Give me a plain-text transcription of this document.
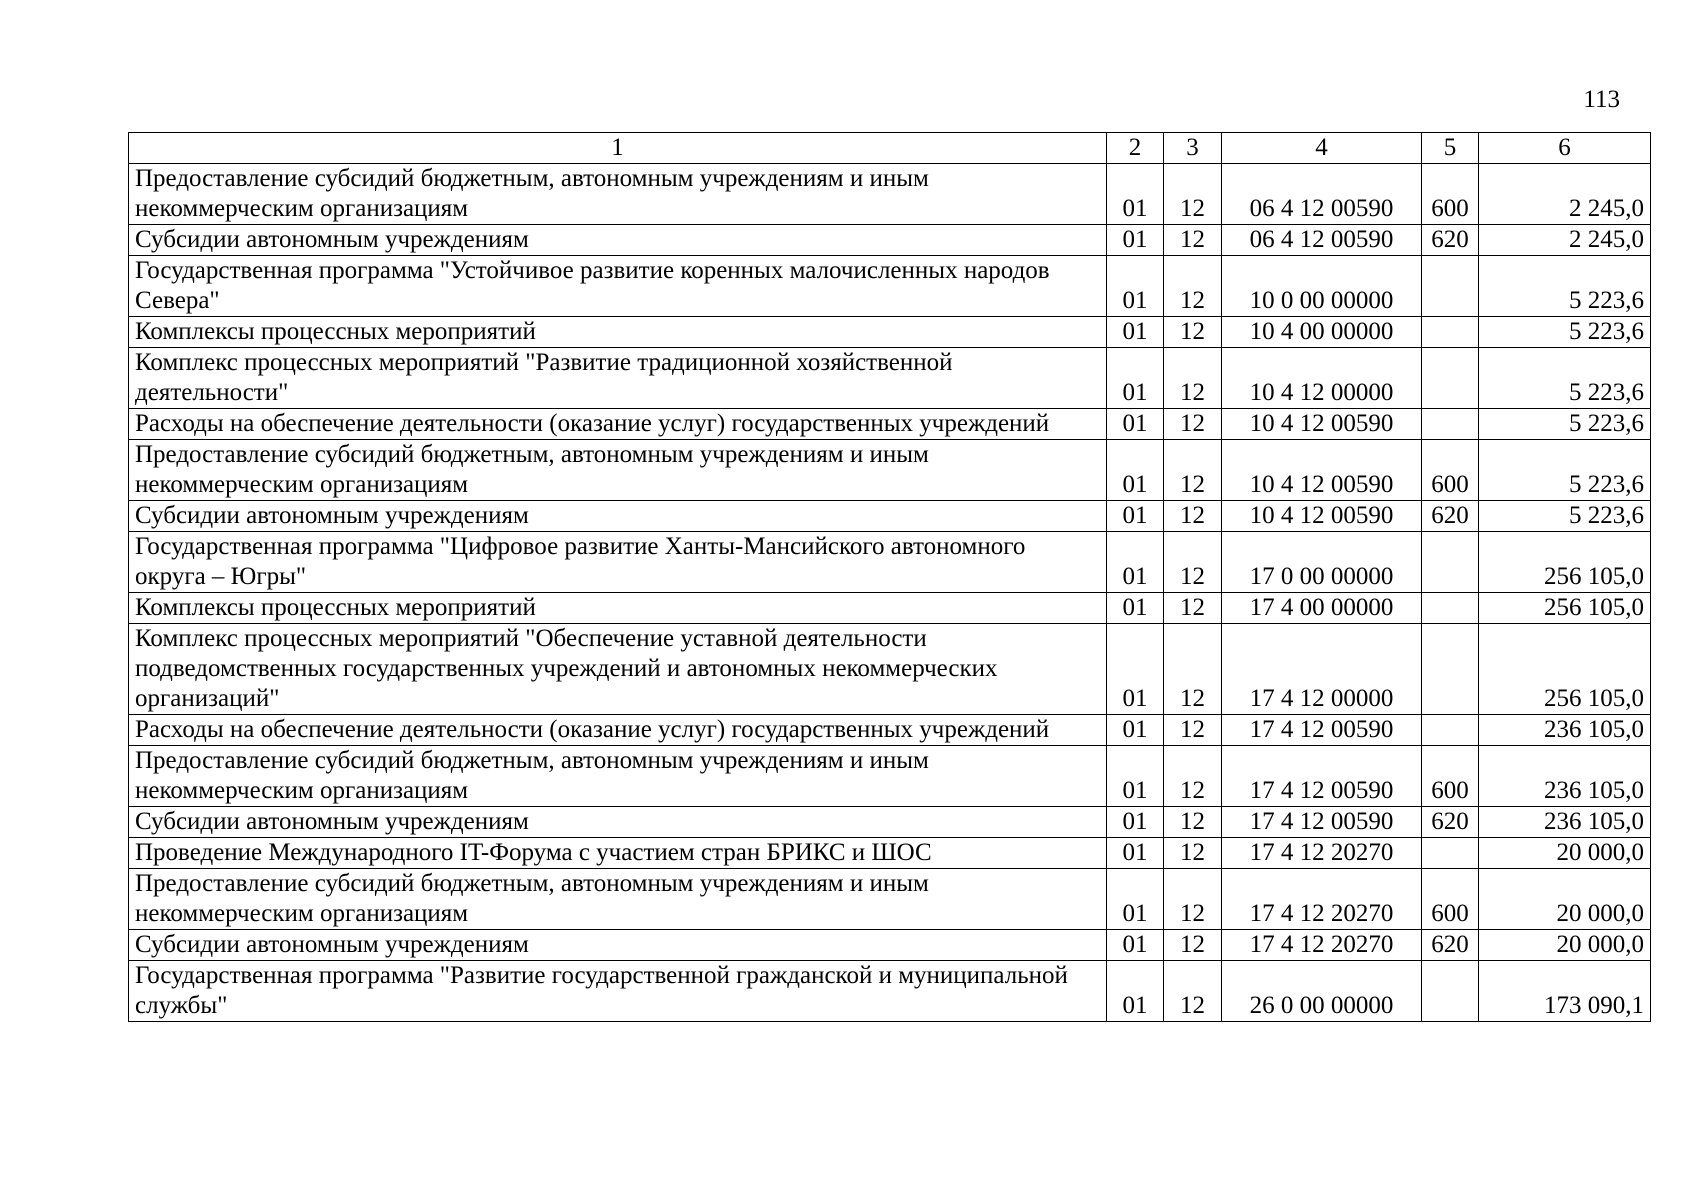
113
1	2	3	4	5	6
Предоставление субсидий бюджетным, автономным учреждениям и иным некоммерческим организациям	01	12	06 4 12 00590	600	2 245,0
Субсидии автономным учреждениям	01	12	06 4 12 00590	620	2 245,0
Государственная программа "Устойчивое развитие коренных малочисленных народов Севера"	01	12	10 0 00 00000		5 223,6
Комплексы процессных мероприятий	01	12	10 4 00 00000		5 223,6
Комплекс процессных мероприятий "Развитие традиционной хозяйственной деятельности"	01	12	10 4 12 00000		5 223,6
Расходы на обеспечение деятельности (оказание услуг) государственных учреждений	01	12	10 4 12 00590		5 223,6
Предоставление субсидий бюджетным, автономным учреждениям и иным некоммерческим организациям	01	12	10 4 12 00590	600	5 223,6
Субсидии автономным учреждениям	01	12	10 4 12 00590	620	5 223,6
Государственная программа "Цифровое развитие Ханты-Мансийского автономного округа – Югры"	01	12	17 0 00 00000		256 105,0
Комплексы процессных мероприятий	01	12	17 4 00 00000		256 105,0
Комплекс процессных мероприятий "Обеспечение уставной деятельности подведомственных государственных учреждений и автономных некоммерческих организаций"	01	12	17 4 12 00000		256 105,0
Расходы на обеспечение деятельности (оказание услуг) государственных учреждений	01	12	17 4 12 00590		236 105,0
Предоставление субсидий бюджетным, автономным учреждениям и иным некоммерческим организациям	01	12	17 4 12 00590	600	236 105,0
Субсидии автономным учреждениям	01	12	17 4 12 00590	620	236 105,0
Проведение Международного IT-Форума с участием стран БРИКС и ШОС	01	12	17 4 12 20270		20 000,0
Предоставление субсидий бюджетным, автономным учреждениям и иным некоммерческим организациям	01	12	17 4 12 20270	600	20 000,0
Субсидии автономным учреждениям	01	12	17 4 12 20270	620	20 000,0
Государственная программа "Развитие государственной гражданской и муниципальной службы"	01	12	26 0 00 00000		173 090,1
